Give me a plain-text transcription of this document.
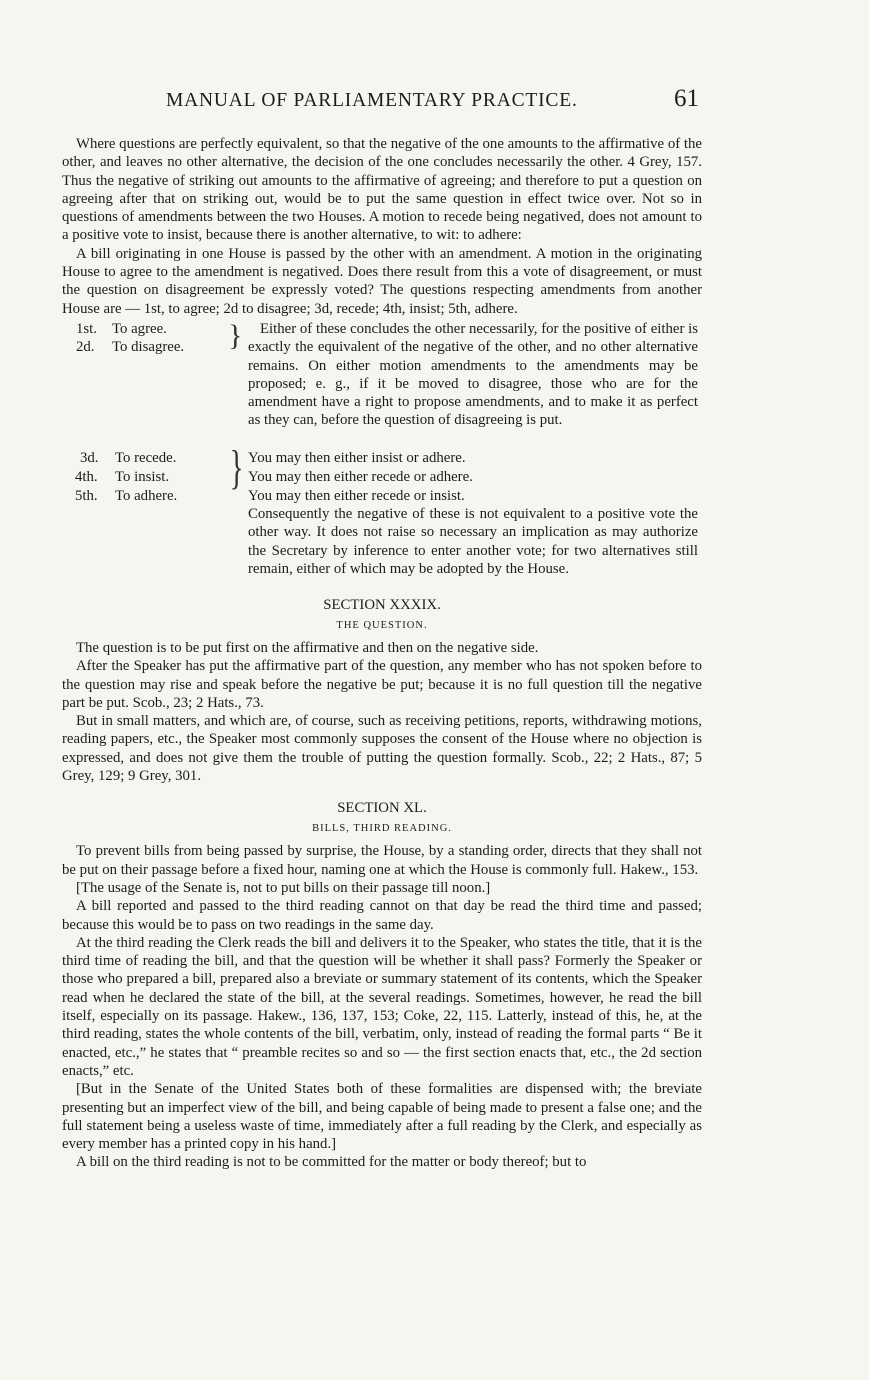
MANUAL OF PARLIAMENTARY PRACTICE.	61

Where questions are perfectly equivalent, so that the negative of the one amounts to the affirmative of the other, and leaves no other alternative, the decision of the one concludes necessarily the other. 4 Grey, 157. Thus the negative of striking out amounts to the affirmative of agreeing; and therefore to put a question on agreeing after that on striking out, would be to put the same question in effect twice over. Not so in questions of amendments between the two Houses. A motion to recede being negatived, does not amount to a positive vote to insist, because there is another alternative, to wit: to adhere:

A bill originating in one House is passed by the other with an amendment. A motion in the originating House to agree to the amendment is negatived. Does there result from this a vote of disagreement, or must the question on disagreement be expressly voted? The questions respecting amendments from another House are — 1st, to agree; 2d to disagree; 3d, recede; 4th, insist; 5th, adhere.

1st. To agree.
2d. To disagree. }	Either of these concludes the other necessarily, for the positive of either is exactly the equivalent of the negative of the other, and no other alternative remains. On either motion amendments to the amendments may be proposed; e. g., if it be moved to disagree, those who are for the amendment have a right to propose amendments, and to make it as perfect as they can, before the question of disagreeing is put.

3d. To recede.
4th. To insist.
5th. To adhere.
} You may then either insist or adhere.
You may then either recede or adhere.
You may then either recede or insist.

Consequently the negative of these is not equivalent to a positive vote the other way. It does not raise so necessary an implication as may authorize the Secretary by inference to enter another vote; for two alternatives still remain, either of which may be adopted by the House.

SECTION XXXIX.

THE QUESTION.

The question is to be put first on the affirmative and then on the negative side.

After the Speaker has put the affirmative part of the question, any member who has not spoken before to the question may rise and speak before the negative be put; because it is no full question till the negative part be put. Scob., 23; 2 Hats., 73.

But in small matters, and which are, of course, such as receiving petitions, reports, withdrawing motions, reading papers, etc., the Speaker most commonly supposes the consent of the House where no objection is expressed, and does not give them the trouble of putting the question formally. Scob., 22; 2 Hats., 87; 5 Grey, 129; 9 Grey, 301.

SECTION XL.

BILLS, THIRD READING.

To prevent bills from being passed by surprise, the House, by a standing order, directs that they shall not be put on their passage before a fixed hour, naming one at which the House is commonly full. Hakew., 153.

[The usage of the Senate is, not to put bills on their passage till noon.]

A bill reported and passed to the third reading cannot on that day be read the third time and passed; because this would be to pass on two readings in the same day.

At the third reading the Clerk reads the bill and delivers it to the Speaker, who states the title, that it is the third time of reading the bill, and that the question will be whether it shall pass? Formerly the Speaker or those who prepared a bill, prepared also a breviate or summary statement of its contents, which the Speaker read when he declared the state of the bill, at the several readings. Sometimes, however, he read the bill itself, especially on its passage. Hakew., 136, 137, 153; Coke, 22, 115. Latterly, instead of this, he, at the third reading, states the whole contents of the bill, verbatim, only, instead of reading the formal parts “ Be it enacted, etc.,” he states that “ preamble recites so and so — the first section enacts that, etc., the 2d section enacts,” etc.

[But in the Senate of the United States both of these formalities are dispensed with; the breviate presenting but an imperfect view of the bill, and being capable of being made to present a false one; and the full statement being a useless waste of time, immediately after a full reading by the Clerk, and especially as every member has a printed copy in his hand.]

A bill on the third reading is not to be committed for the matter or body thereof; but to
